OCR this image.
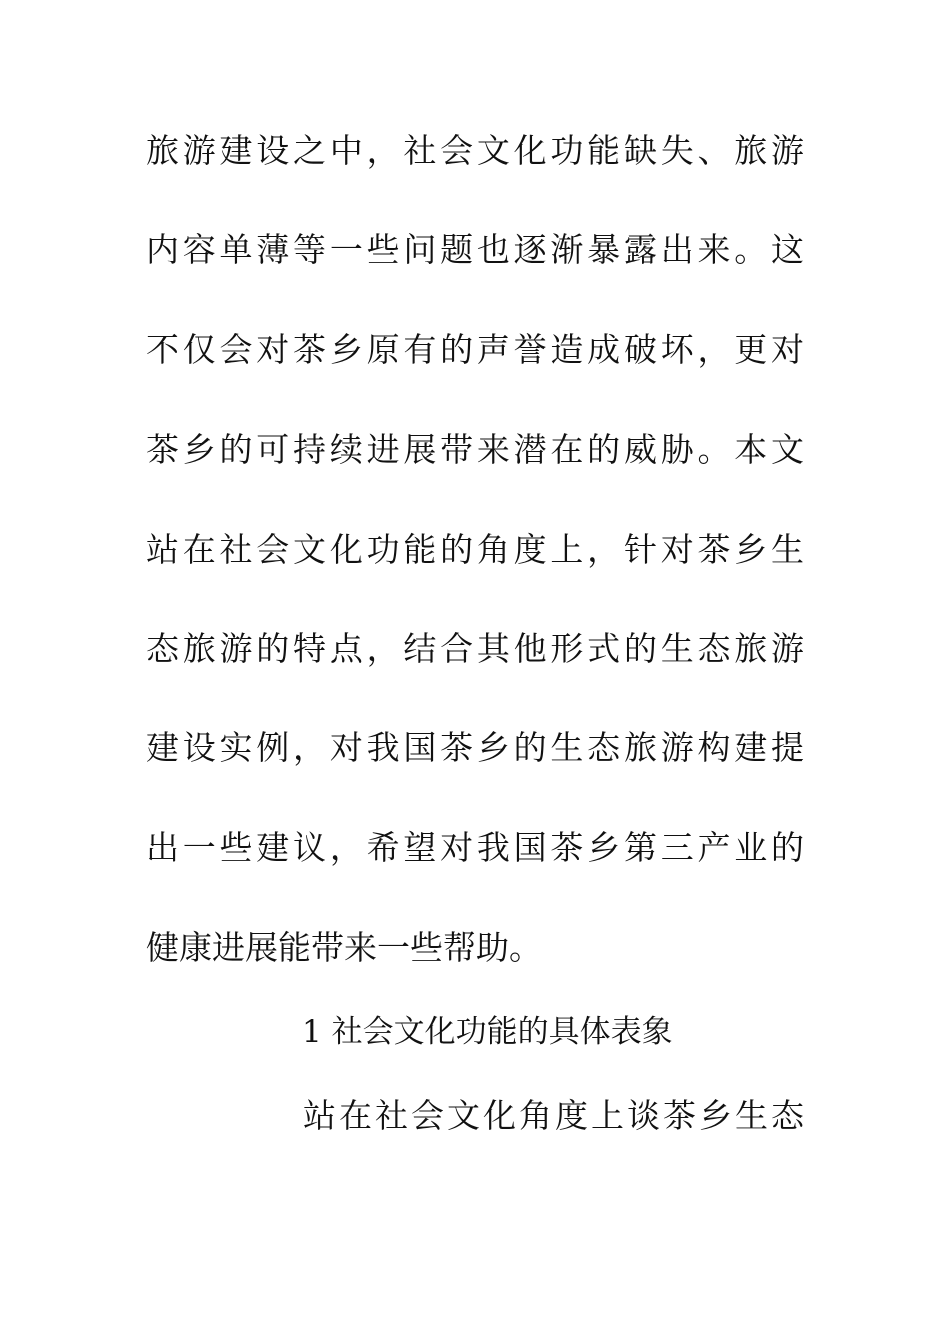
旅游建设之中，社会文化功能缺失、旅游
内容单薄等一些问题也逐渐暴露出来。这
不仅会对茶乡原有的声誉造成破坏，更对
茶乡的可持续进展带来潜在的威胁。本文
站在社会文化功能的角度上，针对茶乡生
态旅游的特点，结合其他形式的生态旅游
建设实例，对我国茶乡的生态旅游构建提
出一些建议，希望对我国茶乡第三产业的
健康进展能带来一些帮助。
1 社会文化功能的具体表象
站在社会文化角度上谈茶乡生态
